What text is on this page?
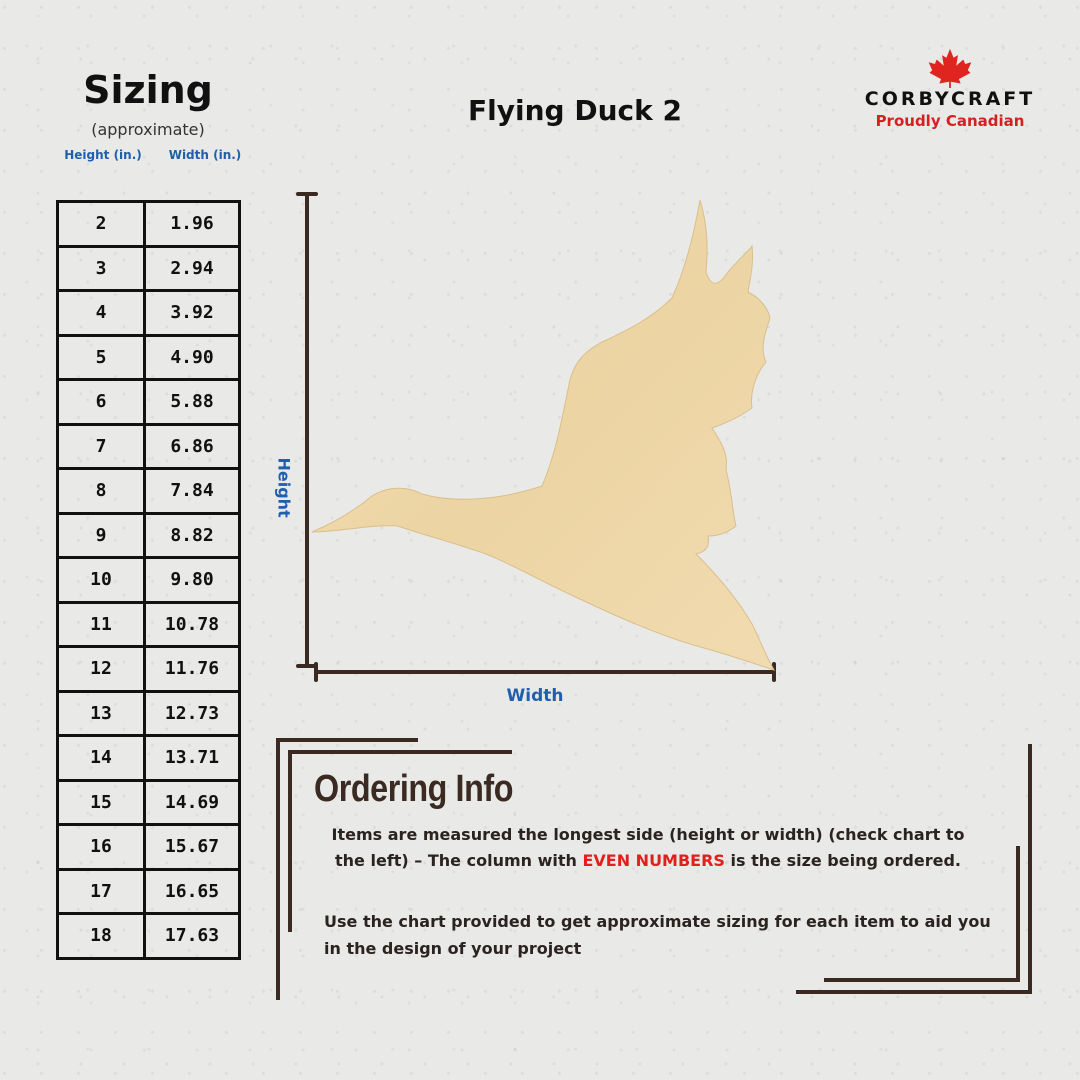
Sizing
(approximate)
Height (in.)	Width (in.)
2	1.96
3	2.94
4	3.92
5	4.90
6	5.88
7	6.86
8	7.84
9	8.82
10	9.80
11	10.78
12	11.76
13	12.73
14	13.71
15	14.69
16	15.67
17	16.65
18	17.63
Flying Duck 2	CORBYCRAFT
Proudly Canadian
Height
Width
Ordering Info
Items are measured the longest side (height or width) (check chart to the left) – The column with EVEN NUMBERS is the size being ordered.
Use the chart provided to get approximate sizing for each item to aid you in the design of your project
